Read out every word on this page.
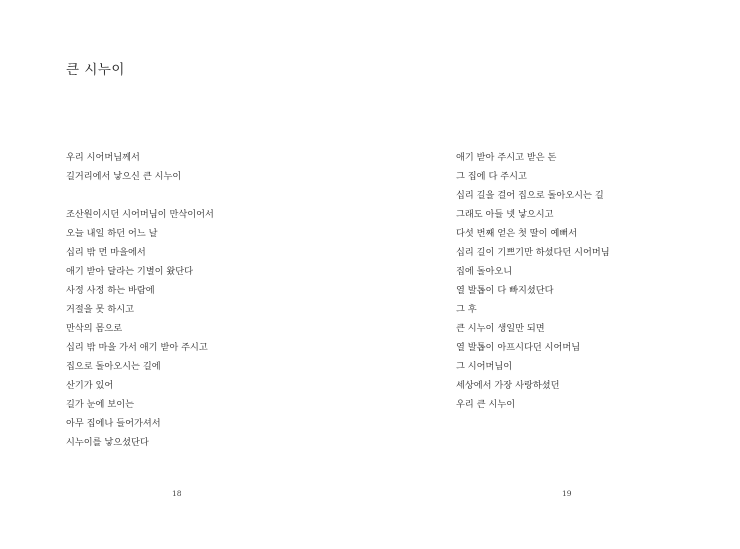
큰 시누이
우리 시어머님께서
길거리에서 낳으신 큰 시누이
조산원이시던 시어머님이 만삭이어서
오늘 내일 하던 어느 날
십리 밖 먼 마을에서
애기 받아 달라는 기별이 왔단다
사정 사정 하는 바람에
거절을 못 하시고
만삭의 몸으로
십리 밖 마을 가서 애기 받아 주시고
집으로 돌아오시는 길에
산기가 있어
길가 눈에 보이는
아무 집에나 들어가셔서
시누이를 낳으셨단다
애기 받아 주시고 받은 돈
그 집에 다 주시고
십리 길을 걸어 집으로 돌아오시는 길
그래도 아들 넷 낳으시고
다섯 번째 얻은 첫 딸이 예뻐서
십리 길이 기쁘기만 하셨다던 시어머님
집에 돌아오니
열 발톱이 다 빠지셨단다
그 후
큰 시누이 생일만 되면
열 발톱이 아프시다던 시어머님
그 시어머님이
세상에서 가장 사랑하셨던
우리 큰 시누이
18	19
